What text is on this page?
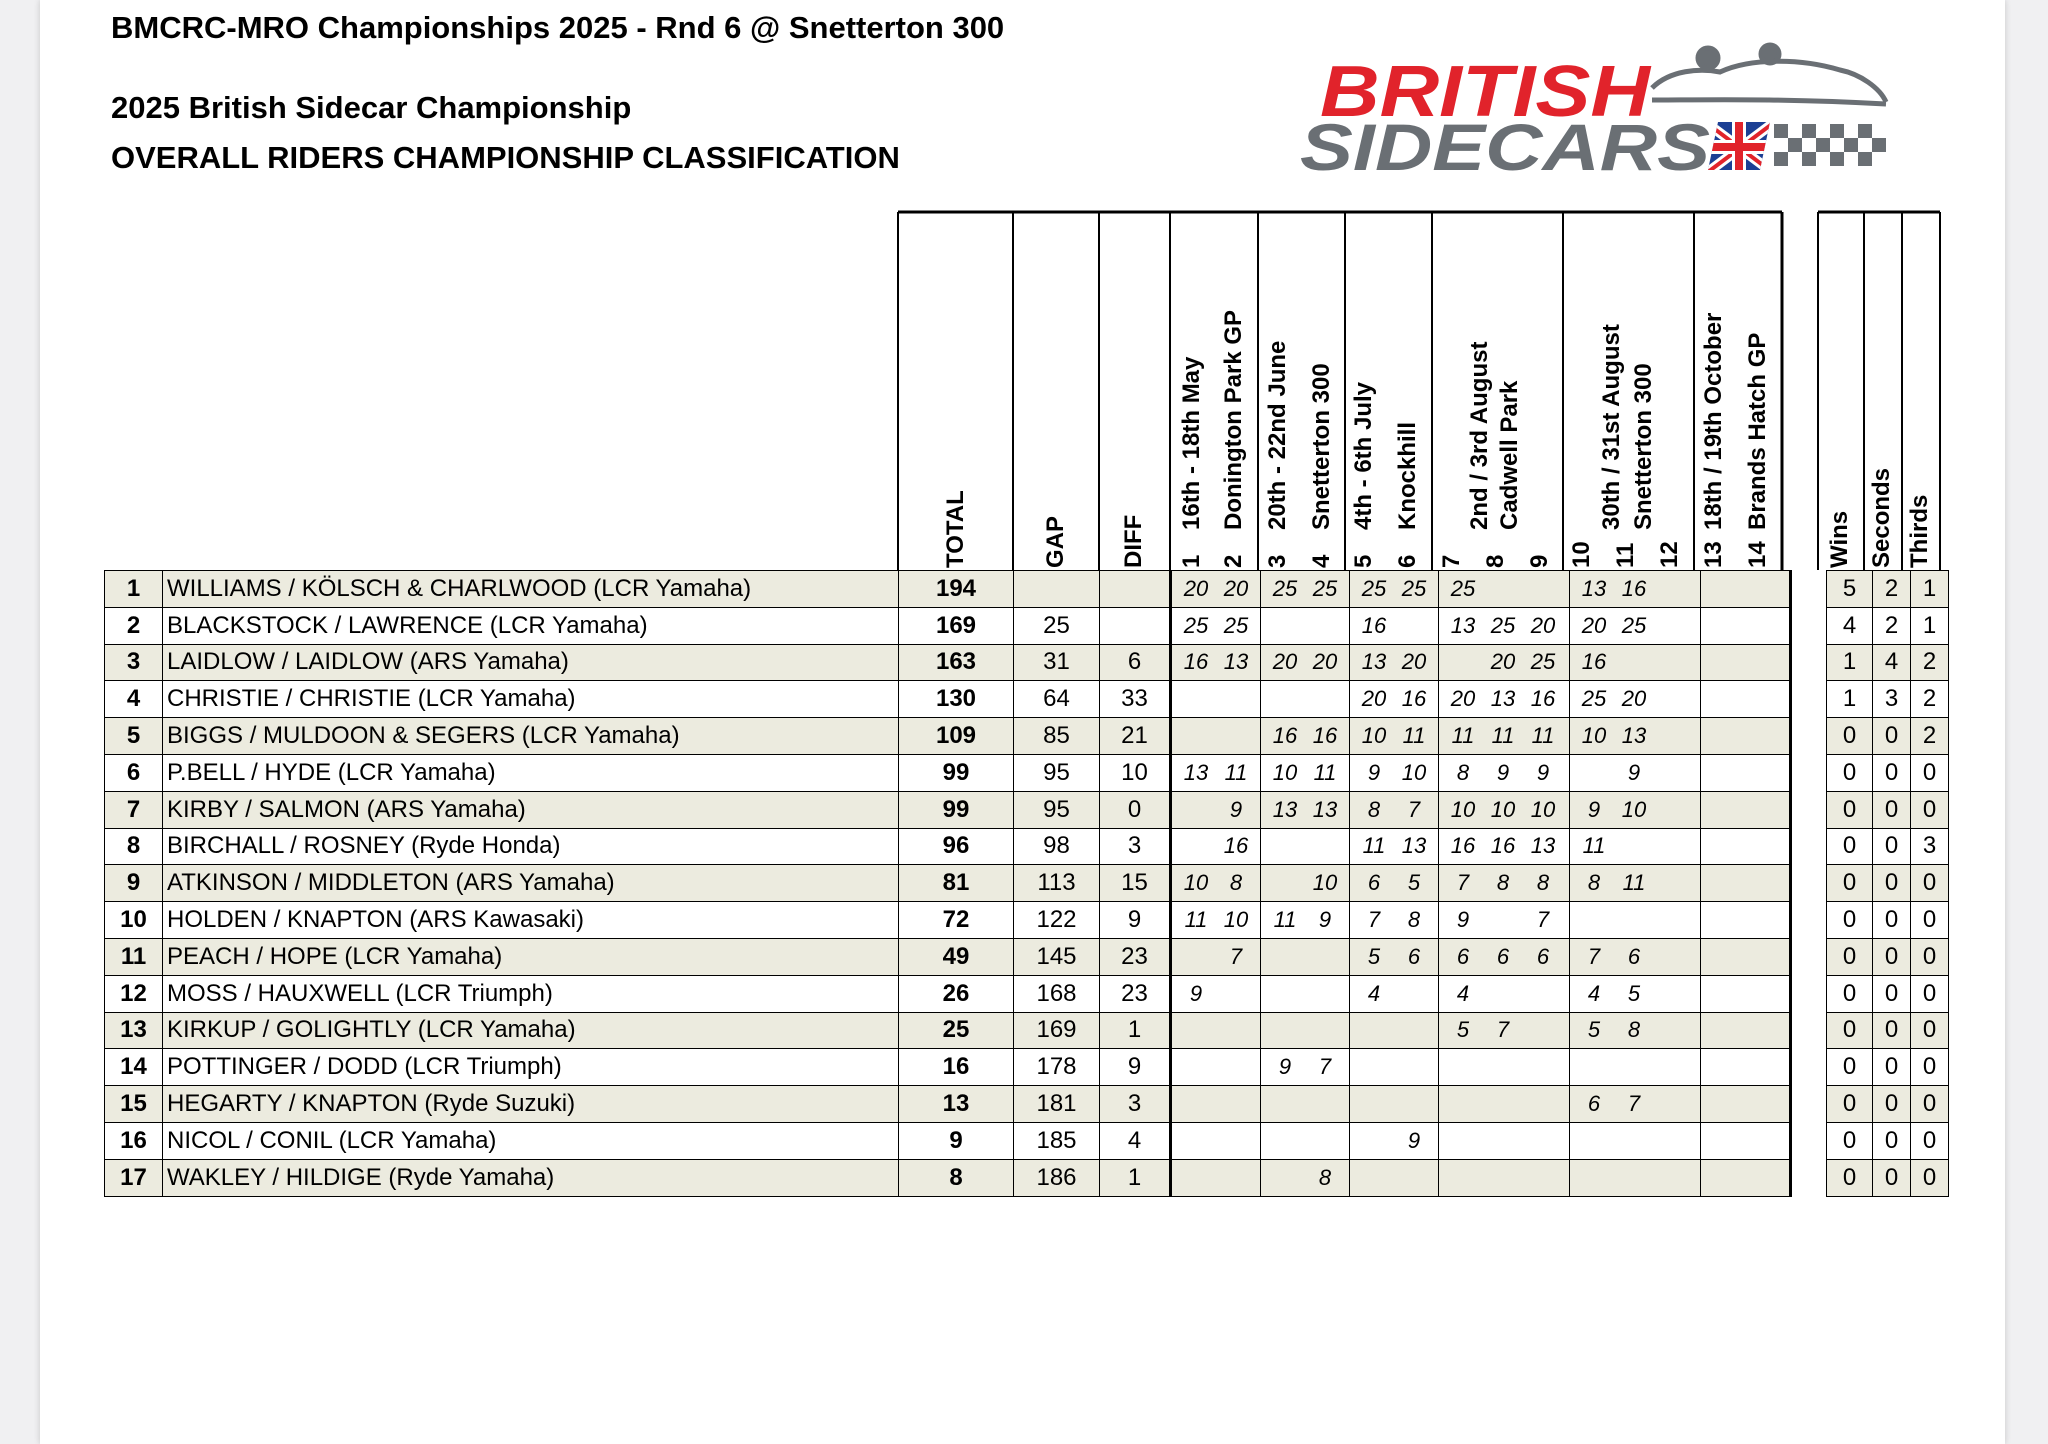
BMCRC-MRO Championships 2025 - Rnd 6 @ Snetterton 300
2025 British Sidecar Championship
OVERALL RIDERS CHAMPIONSHIP CLASSIFICATION
BRITISH
SIDECARS
TOTAL	GAP DIFF 1
16th - 18th May
2
Donington Park GP
3
20th - 22nd June
4
Snetterton 300
5
4th - 6th July
6
Knockhill
7
2nd / 3rd August
8
Cadwell Park
9 10
30th / 31st August
11
Snetterton 300
12 13
18th / 19th October
14
Brands Hatch GP
Wins Seconds Thirds
1	WILLIAMS / KÖLSCH & CHARLWOOD (LCR Yamaha)	194			20 20	25 25	25 25	25	13 16			5	2	1
2	BLACKSTOCK / LAWRENCE (LCR Yamaha)	169	25		25 25		16	13 25 20	20 25			4	2	1
3	LAIDLOW / LAIDLOW (ARS Yamaha)	163	31	6	16 13	20 20	13 20	20 25	16			1	4	2
4	CHRISTIE / CHRISTIE (LCR Yamaha)	130	64	33			20 16	20 13 16	25 20			1	3	2
5	BIGGS / MULDOON & SEGERS (LCR Yamaha)	109	85	21		16 16	10 11	11 11 11	10 13			0	0	2
6	P.BELL / HYDE (LCR Yamaha)	99	95	10	13 11	10 11	9 10	8 9 9	9			0	0	0
7	KIRBY / SALMON (ARS Yamaha)	99	95	0	9	13 13	8 7	10 10 10	9 10			0	0	0
8	BIRCHALL / ROSNEY (Ryde Honda)	96	98	3	16		11 13	16 16 13	11			0	0	3
9	ATKINSON / MIDDLETON (ARS Yamaha)	81	113	15	10 8	10	6 5	7 8 8	8 11			0	0	0
10	HOLDEN / KNAPTON (ARS Kawasaki)	72	122	9	11 10	11 9	7 8	9 7				0	0	0
11	PEACH / HOPE (LCR Yamaha)	49	145	23	7		5 6	6 6 6	7 6			0	0	0
12	MOSS / HAUXWELL (LCR Triumph)	26	168	23	9		4	4	4 5			0	0	0
13	KIRKUP / GOLIGHTLY (LCR Yamaha)	25	169	1				5 7	5 8			0	0	0
14	POTTINGER / DODD (LCR Triumph)	16	178	9		9 7						0	0	0
15	HEGARTY / KNAPTON (Ryde Suzuki)	13	181	3					6 7			0	0	0
16	NICOL / CONIL (LCR Yamaha)	9	185	4			9					0	0	0
17	WAKLEY / HILDIGE (Ryde Yamaha)	8	186	1		8						0	0	0
